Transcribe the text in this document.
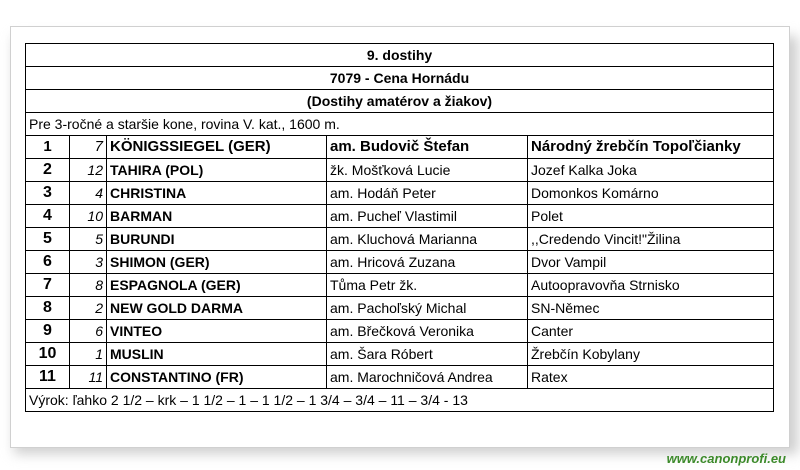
9. dostihy				
7079 - Cena Hornádu				
(Dostihy amatérov a žiakov)				
Pre 3-ročné a staršie kone, rovina V. kat., 1600 m.				
1	7	KÖNIGSSIEGEL (GER)	am. Budovič Štefan	Národný žrebčín Topoľčianky
2	12	TAHIRA (POL)	žk. Mošťková Lucie	Jozef Kalka Joka
3	4	CHRISTINA	am. Hodáň Peter	Domonkos Komárno
4	10	BARMAN	am. Pucheľ Vlastimil	Polet
5	5	BURUNDI	am. Kluchová Marianna	,,Credendo Vincit!"Žilina
6	3	SHIMON (GER)	am. Hricová Zuzana	Dvor Vampil
7	8	ESPAGNOLA (GER)	Tůma Petr žk.	Autoopravovňa Strnisko
8	2	NEW GOLD DARMA	am. Pachoľský Michal	SN-Němec
9	6	VINTEO	am. Břečková Veronika	Canter
10	1	MUSLIN	am. Šara Róbert	Žrebčín Kobylany
11	11	CONSTANTINO (FR)	am. Marochničová Andrea	Ratex
Výrok: ľahko 2 1/2 – krk – 1 1/2 – 1 – 1 1/2 – 1 3/4 – 3/4 – 11 – 3/4 - 13				
www.canonprofi.eu
